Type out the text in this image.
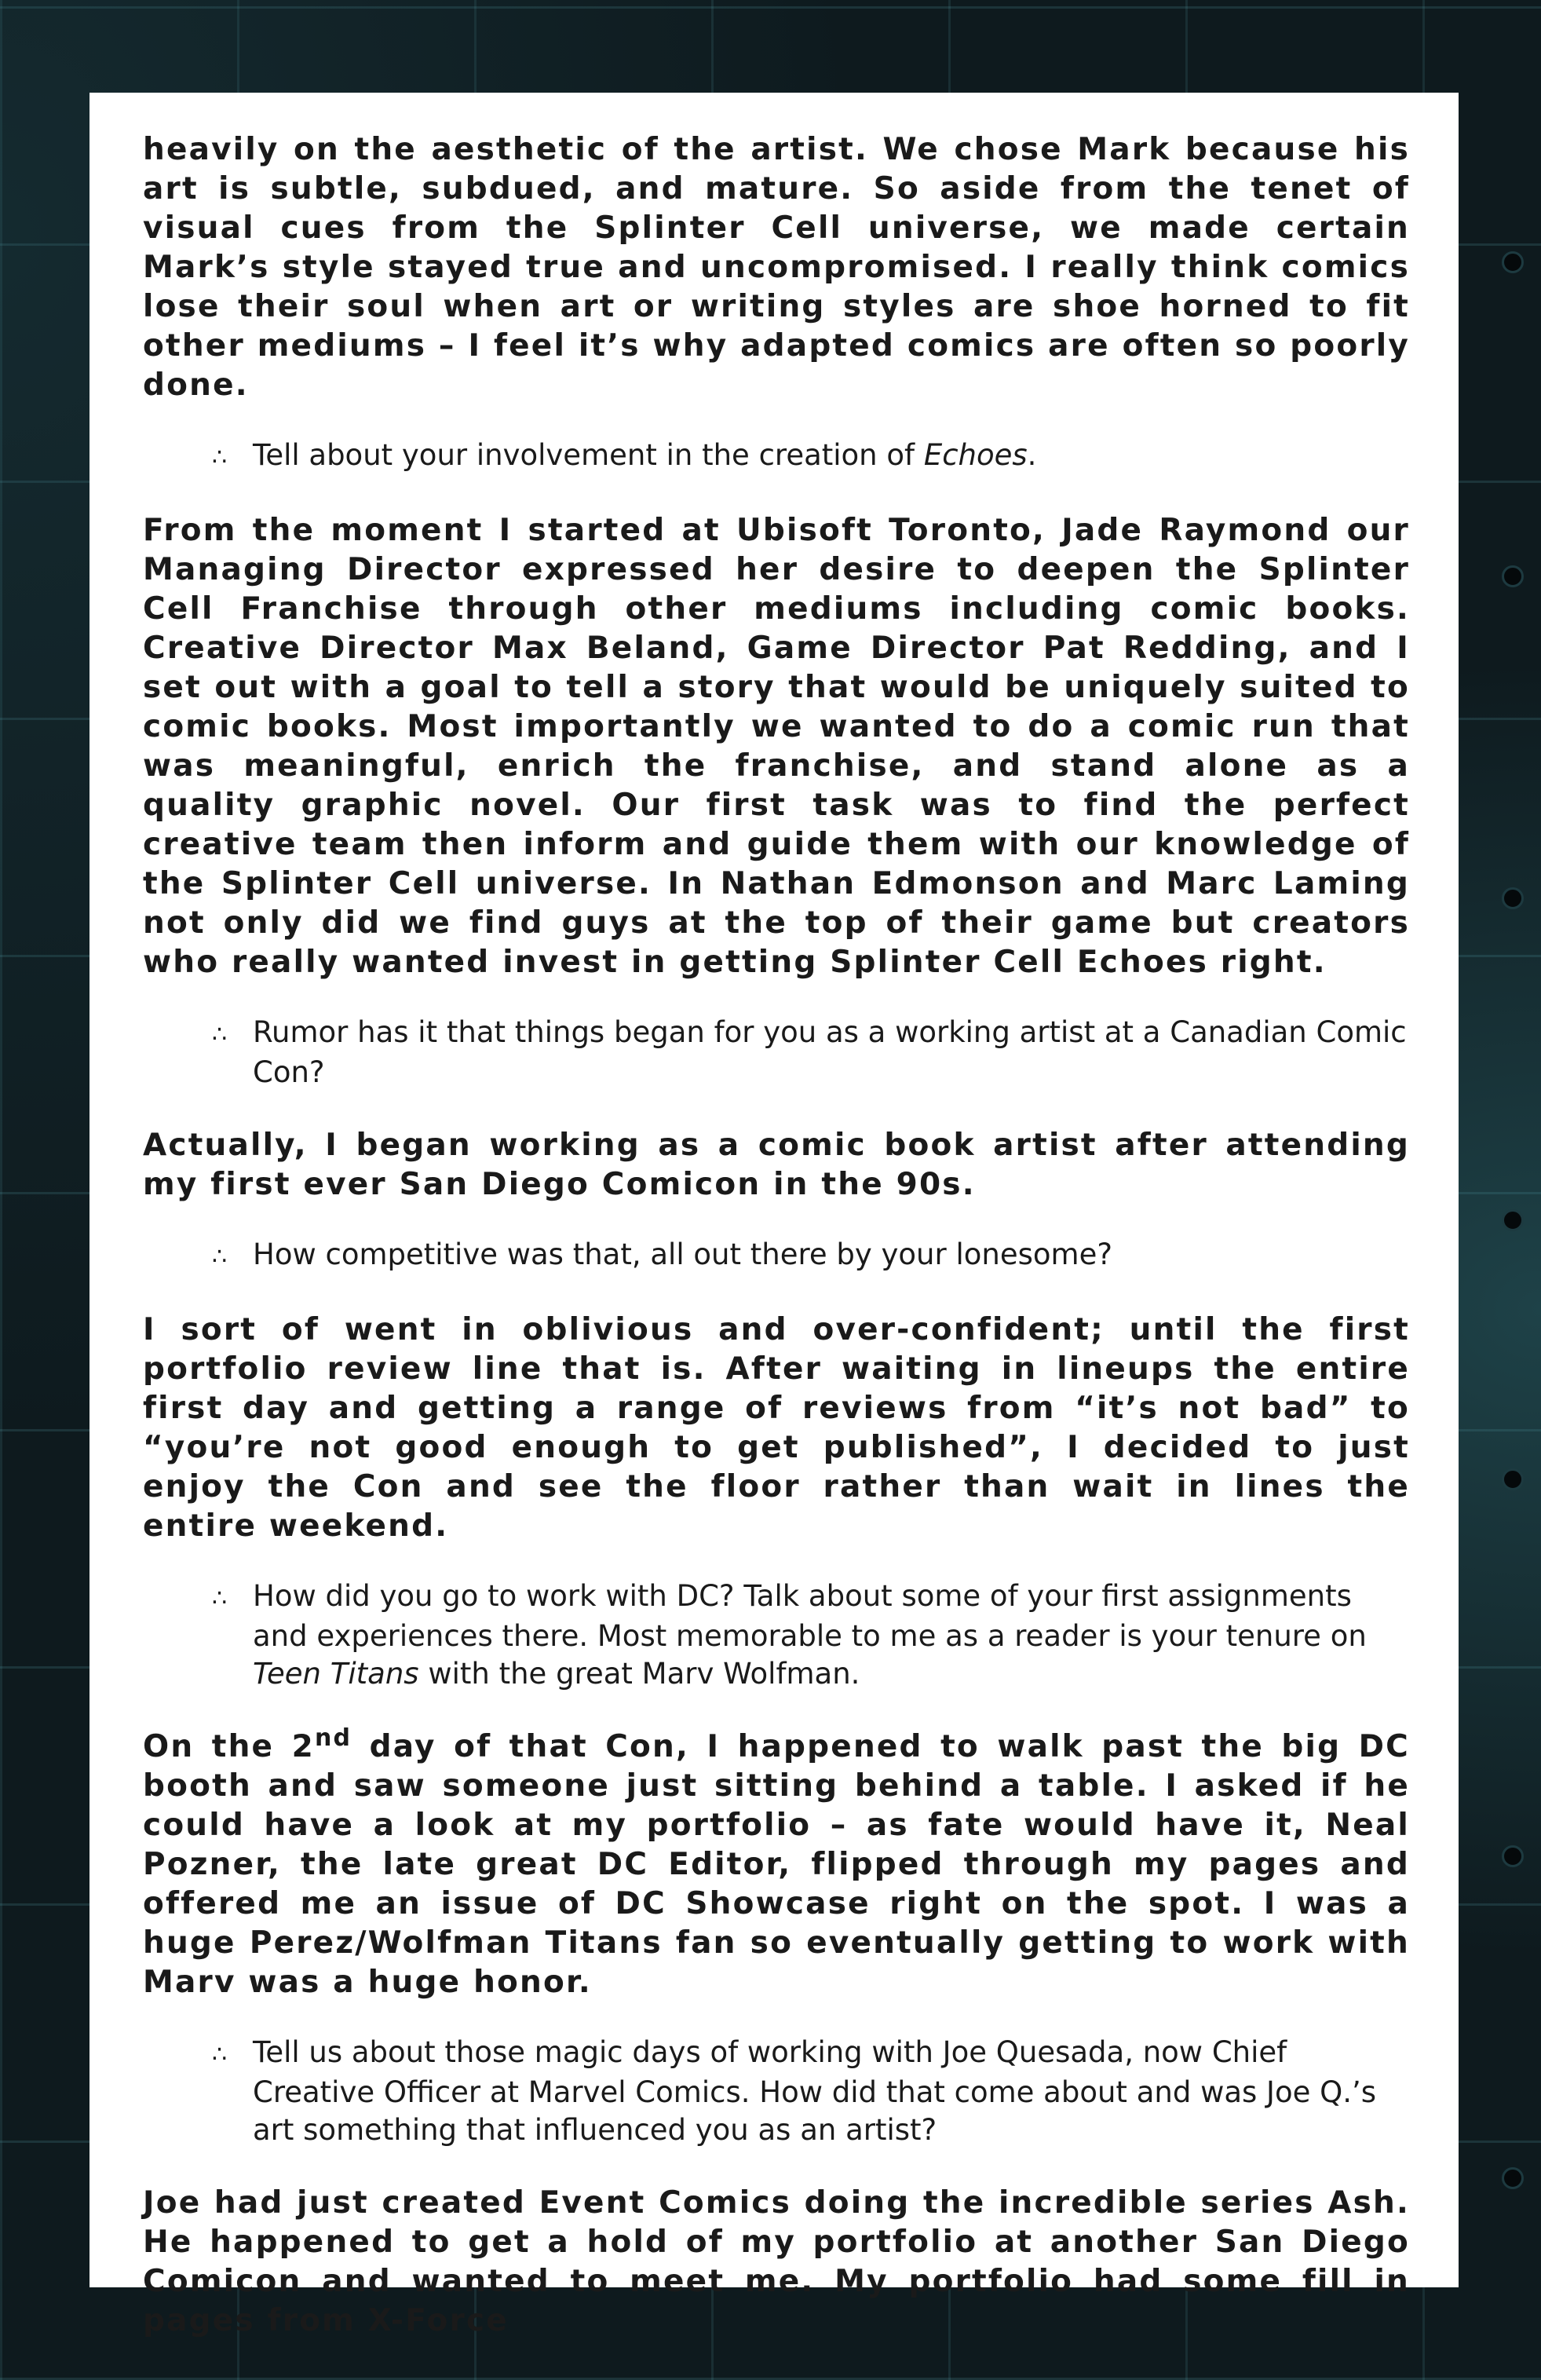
heavily on the aesthetic of the artist. We chose Mark because his art is subtle, subdued, and mature. So aside from the tenet of visual cues from the Splinter Cell universe, we made certain Mark’s style stayed true and uncompromised. I really think comics lose their soul when art or writing styles are shoe horned to fit other mediums – I feel it’s why adapted comics are often so poorly done.

∴ Tell about your involvement in the creation of Echoes.

From the moment I started at Ubisoft Toronto, Jade Raymond our Managing Director expressed her desire to deepen the Splinter Cell Franchise through other mediums including comic books. Creative Director Max Beland, Game Director Pat Redding, and I set out with a goal to tell a story that would be uniquely suited to comic books. Most importantly we wanted to do a comic run that was meaningful, enrich the franchise, and stand alone as a quality graphic novel. Our first task was to find the perfect creative team then inform and guide them with our knowledge of the Splinter Cell universe. In Nathan Edmonson and Marc Laming not only did we find guys at the top of their game but creators who really wanted invest in getting Splinter Cell Echoes right.

∴ Rumor has it that things began for you as a working artist at a Canadian Comic Con?

Actually, I began working as a comic book artist after attending my first ever San Diego Comicon in the 90s.

∴ How competitive was that, all out there by your lonesome?

I sort of went in oblivious and over-confident; until the first portfolio review line that is. After waiting in lineups the entire first day and getting a range of reviews from “it’s not bad” to “you’re not good enough to get published”, I decided to just enjoy the Con and see the floor rather than wait in lines the entire weekend.

∴ How did you go to work with DC? Talk about some of your first assignments and experiences there. Most memorable to me as a reader is your tenure on Teen Titans with the great Marv Wolfman.

On the 2nd day of that Con, I happened to walk past the big DC booth and saw someone just sitting behind a table. I asked if he could have a look at my portfolio – as fate would have it, Neal Pozner, the late great DC Editor, flipped through my pages and offered me an issue of DC Showcase right on the spot. I was a huge Perez/Wolfman Titans fan so eventually getting to work with Marv was a huge honor.

∴ Tell us about those magic days of working with Joe Quesada, now Chief Creative Officer at Marvel Comics. How did that come about and was Joe Q.’s art something that influenced you as an artist?

Joe had just created Event Comics doing the incredible series Ash. He happened to get a hold of my portfolio at another San Diego Comicon and wanted to meet me. My portfolio had some fill in pages from X-Force
